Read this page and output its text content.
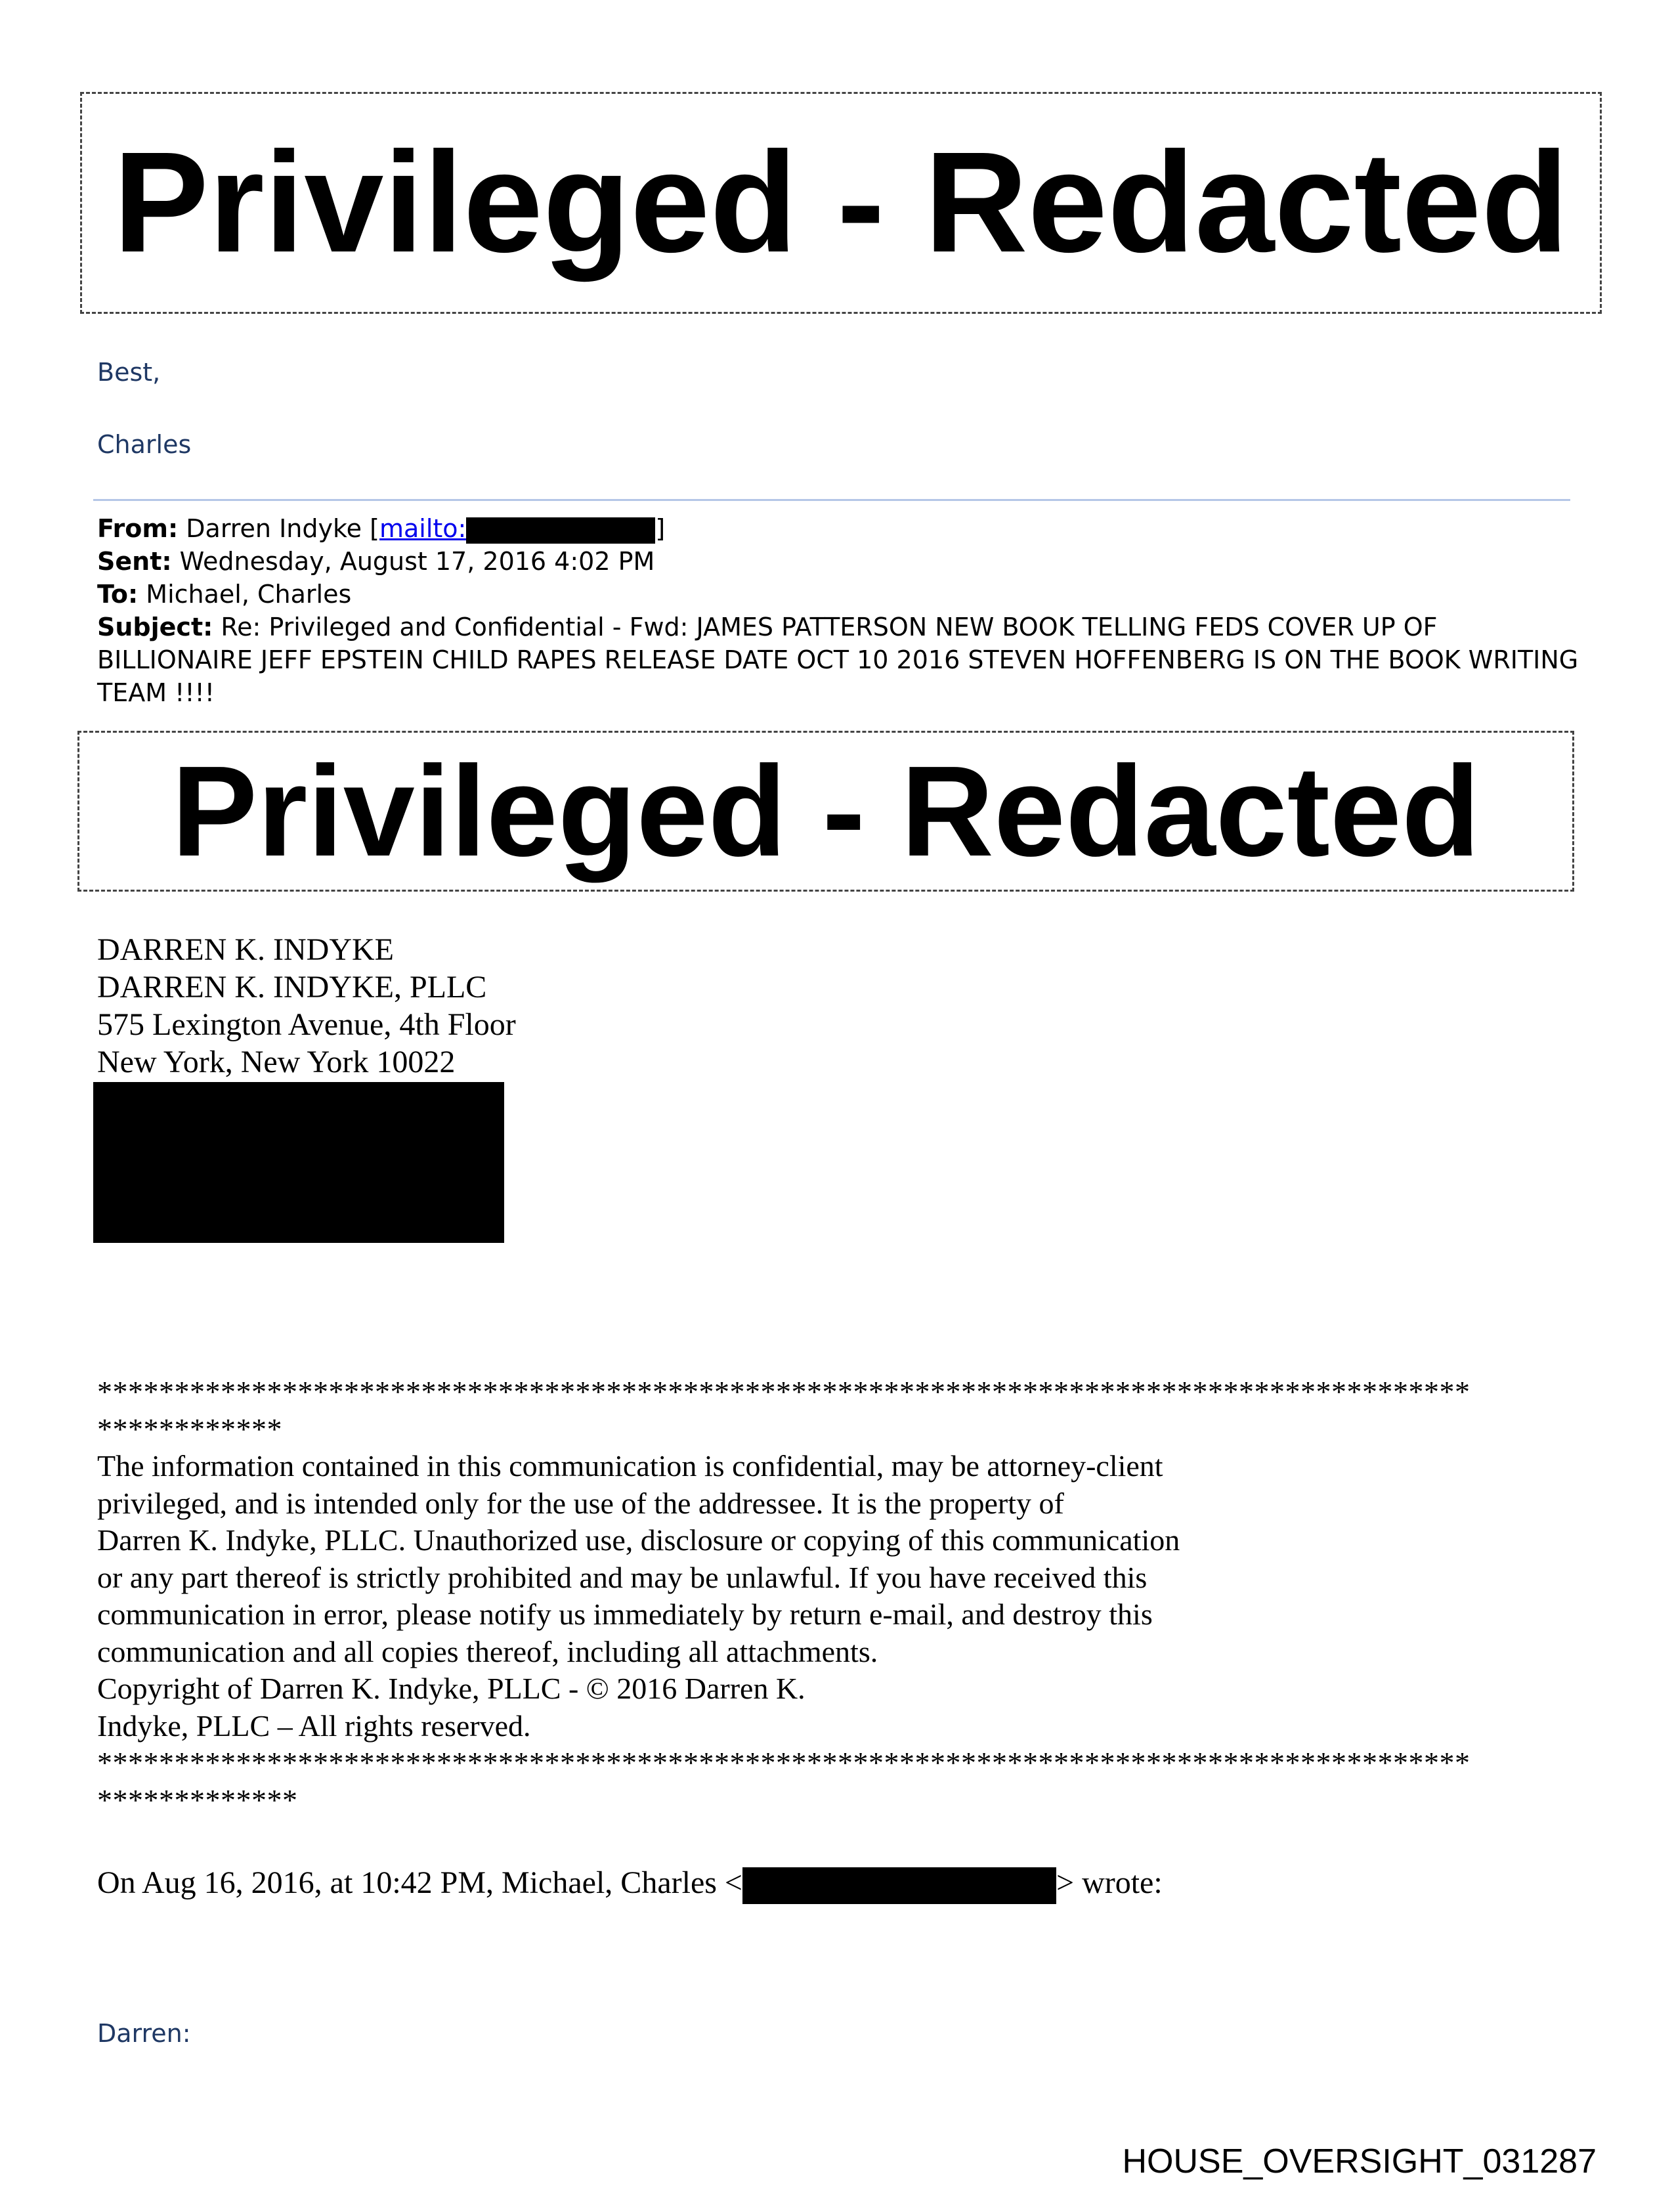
Privileged - Redacted
Best,
Charles
From: Darren Indyke [mailto:	]
Sent: Wednesday, August 17, 2016 4:02 PM
To: Michael, Charles
Subject: Re: Privileged and Confidential - Fwd: JAMES PATTERSON NEW BOOK TELLING FEDS COVER UP OF BILLIONAIRE JEFF EPSTEIN CHILD RAPES RELEASE DATE OCT 10 2016 STEVEN HOFFENBERG IS ON THE BOOK WRITING TEAM !!!!
Privileged - Redacted
DARREN K. INDYKE
DARREN K. INDYKE, PLLC
575 Lexington Avenue, 4th Floor
New York, New York 10022
*****************************************************************************************
************
The information contained in this communication is confidential, may be attorney-client
privileged, and is intended only for the use of the addressee. It is the property of
Darren K. Indyke, PLLC. Unauthorized use, disclosure or copying of this communication
or any part thereof is strictly prohibited and may be unlawful. If you have received this
communication in error, please notify us immediately by return e-mail, and destroy this
communication and all copies thereof, including all attachments.
Copyright of Darren K. Indyke, PLLC - © 2016 Darren K.
Indyke, PLLC – All rights reserved.
*****************************************************************************************
*************
On Aug 16, 2016, at 10:42 PM, Michael, Charles <	> wrote:
Darren:
HOUSE_OVERSIGHT_031287
